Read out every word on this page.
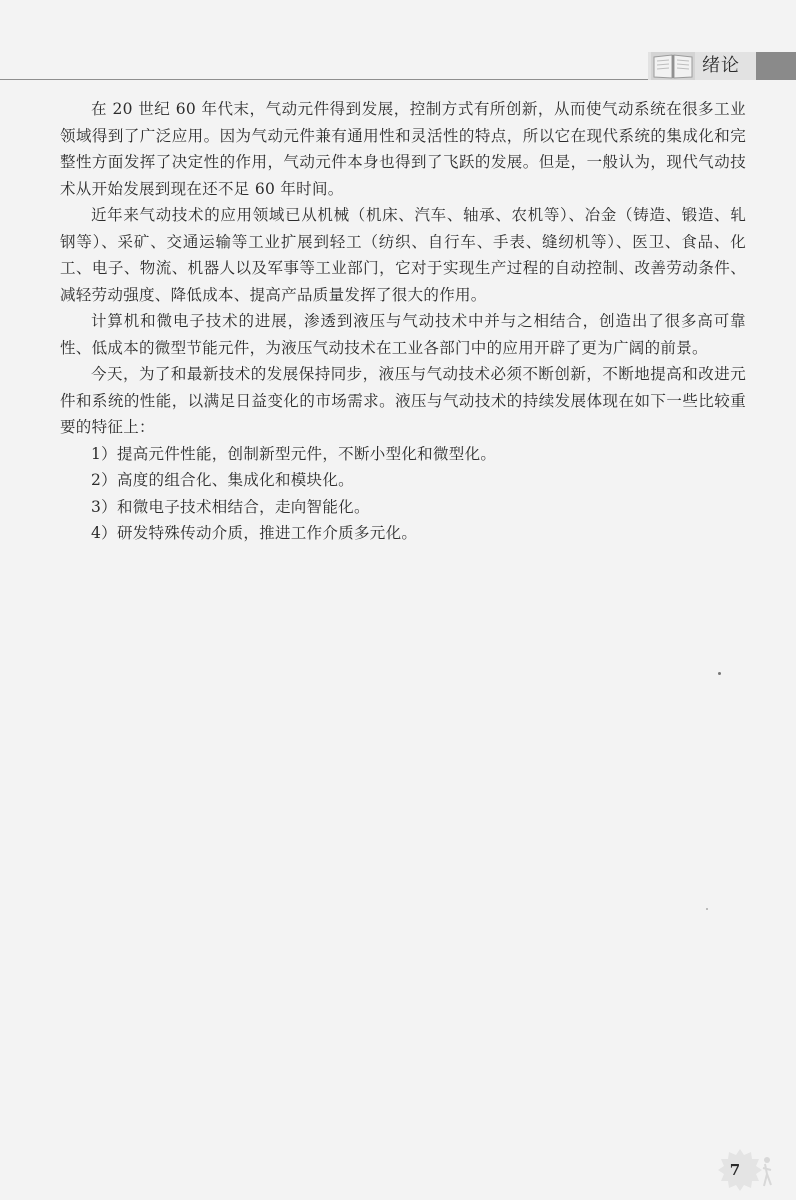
绪论

在 20 世纪 60 年代末，气动元件得到发展，控制方式有所创新，从而使气动系统在很多工业领域得到了广泛应用。因为气动元件兼有通用性和灵活性的特点，所以它在现代系统的集成化和完整性方面发挥了决定性的作用，气动元件本身也得到了飞跃的发展。但是，一般认为，现代气动技术从开始发展到现在还不足 60 年时间。

近年来气动技术的应用领域已从机械（机床、汽车、轴承、农机等）、冶金（铸造、锻造、轧钢等）、采矿、交通运输等工业扩展到轻工（纺织、自行车、手表、缝纫机等）、医卫、食品、化工、电子、物流、机器人以及军事等工业部门，它对于实现生产过程的自动控制、改善劳动条件、减轻劳动强度、降低成本、提高产品质量发挥了很大的作用。

计算机和微电子技术的进展，渗透到液压与气动技术中并与之相结合，创造出了很多高可靠性、低成本的微型节能元件，为液压气动技术在工业各部门中的应用开辟了更为广阔的前景。

今天，为了和最新技术的发展保持同步，液压与气动技术必须不断创新，不断地提高和改进元件和系统的性能，以满足日益变化的市场需求。液压与气动技术的持续发展体现在如下一些比较重要的特征上：

1）提高元件性能，创制新型元件，不断小型化和微型化。
2）高度的组合化、集成化和模块化。
3）和微电子技术相结合，走向智能化。
4）研发特殊传动介质，推进工作介质多元化。
7
